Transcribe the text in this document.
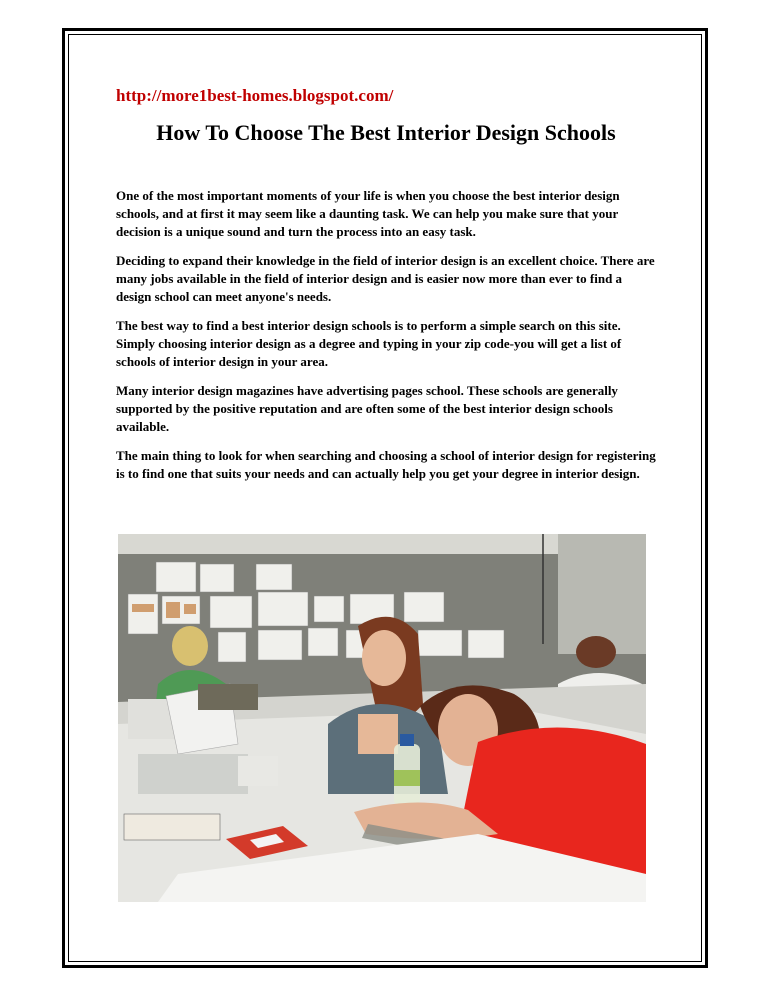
http://more1best-homes.blogspot.com/
How To Choose The Best Interior Design Schools

One of the most important moments of your life is when you choose the best interior design schools, and at first it may seem like a daunting task. We can help you make sure that your decision is a unique sound and turn the process into an easy task.

Deciding to expand their knowledge in the field of interior design is an excellent choice. There are many jobs available in the field of interior design and is easier now more than ever to find a design school can meet anyone's needs.

The best way to find a best interior design schools is to perform a simple search on this site. Simply choosing interior design as a degree and typing in your zip code-you will get a list of schools of interior design in your area.

Many interior design magazines have advertising pages school. These schools are generally supported by the positive reputation and are often some of the best interior design schools available.

The main thing to look for when searching and choosing a school of interior design for registering is to find one that suits your needs and can actually help you get your degree in interior design.
